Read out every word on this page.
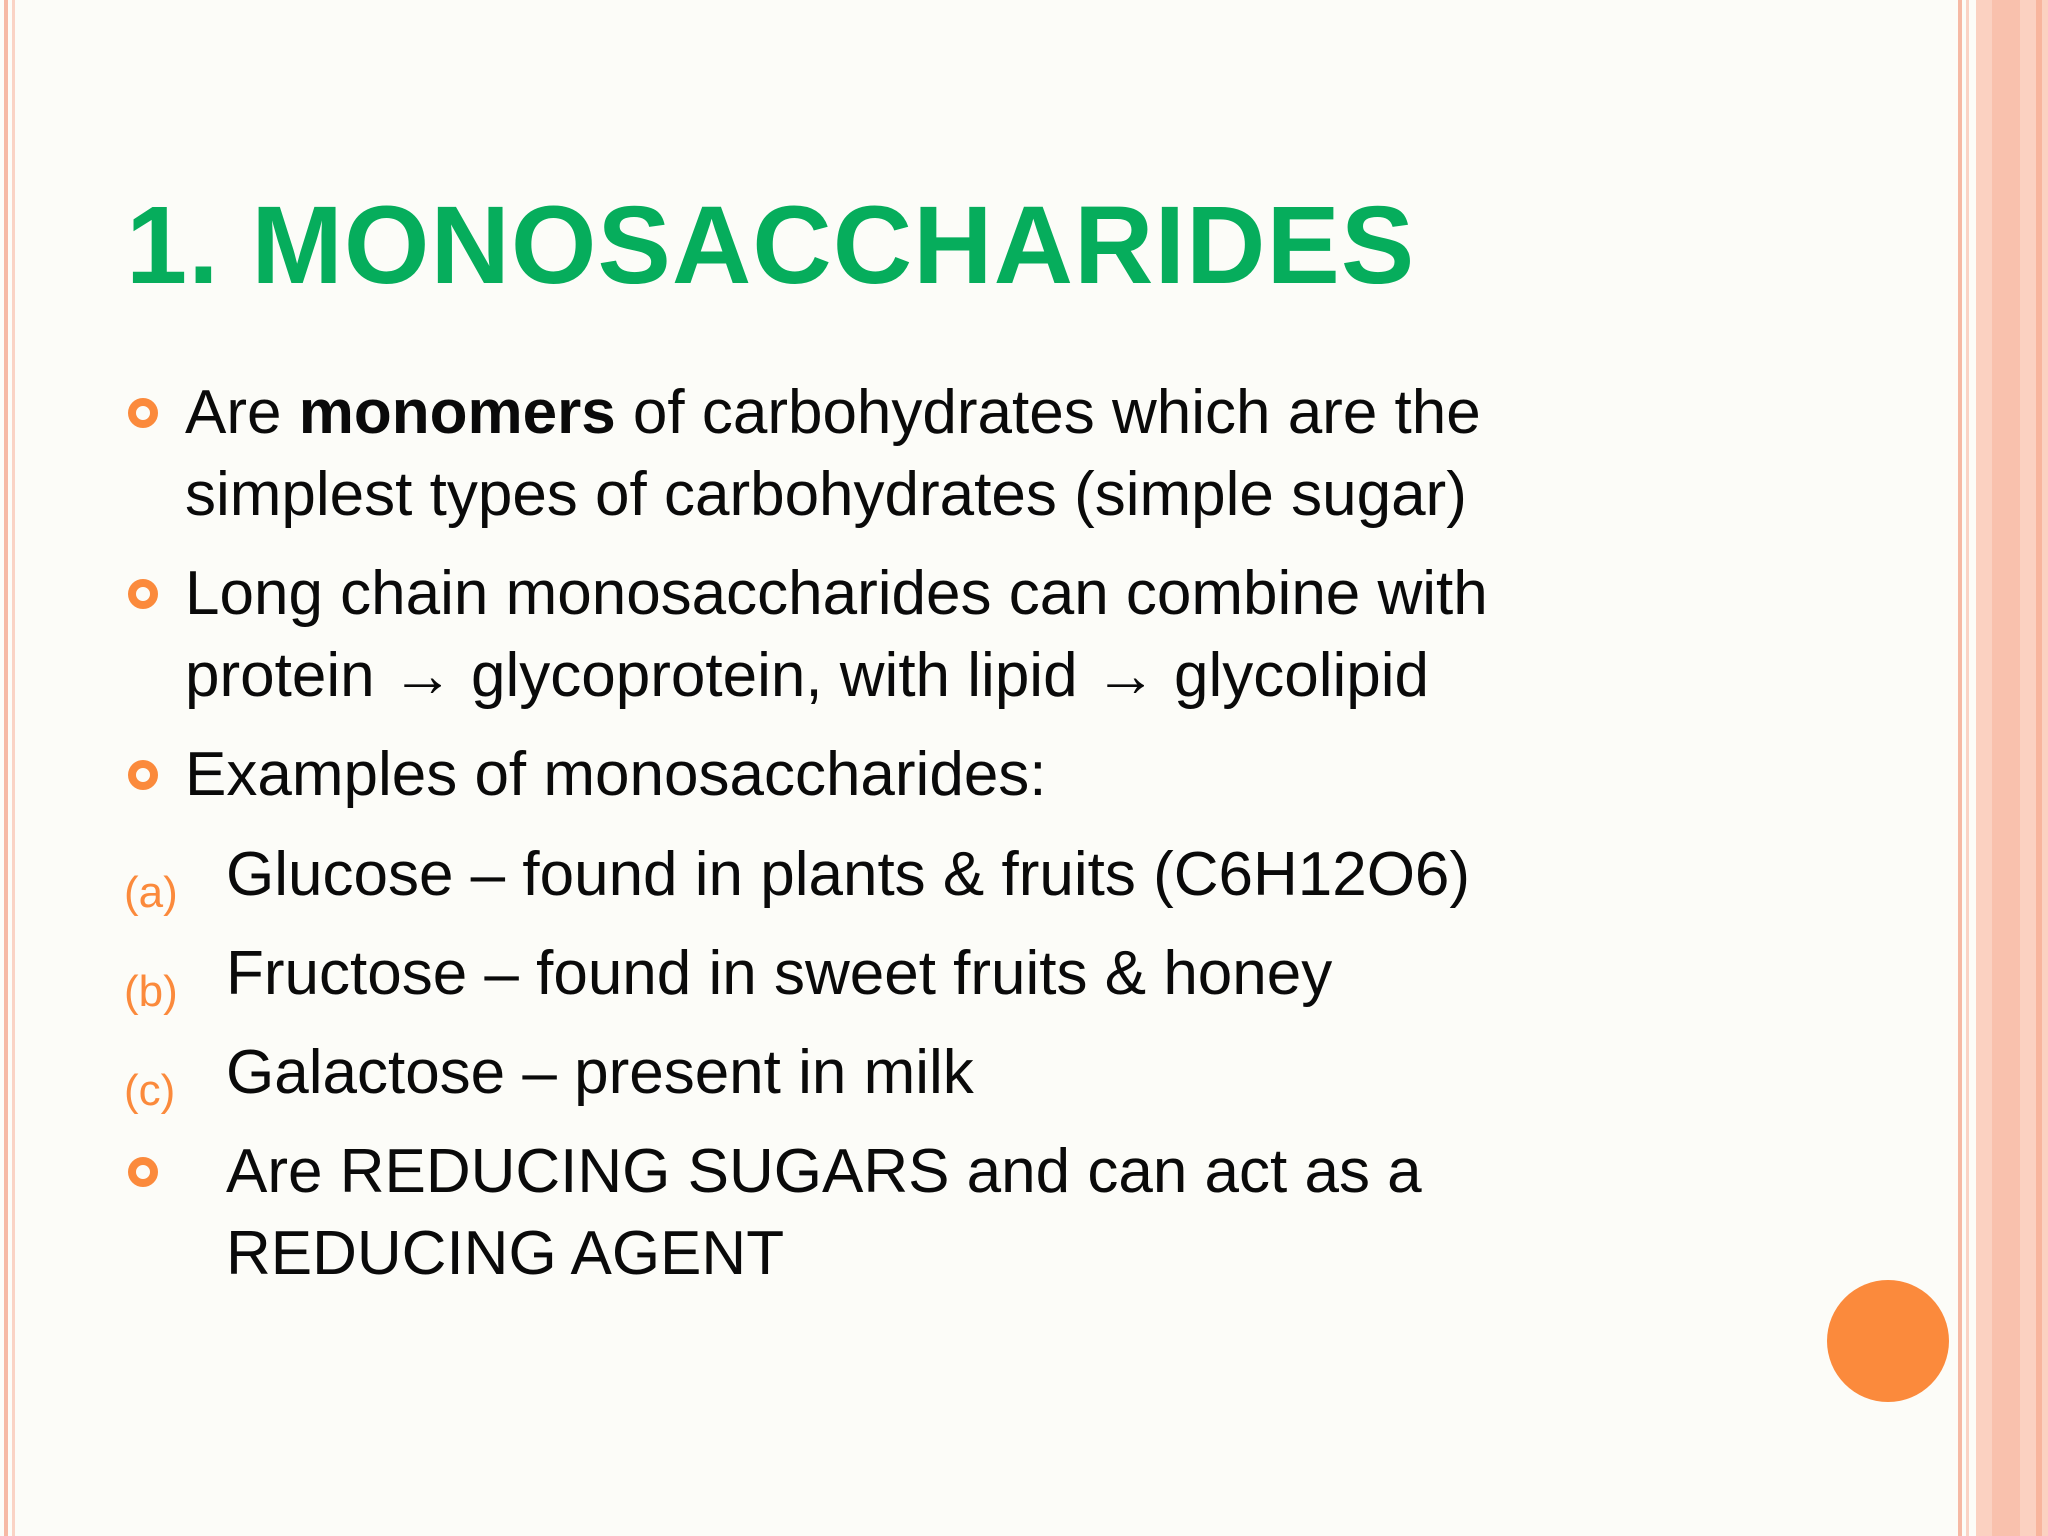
1. MONOSACCHARIDES
Are monomers of carbohydrates which are the
simplest types of carbohydrates (simple sugar)
Long chain monosaccharides can combine with
protein → glycoprotein, with lipid → glycolipid
Examples of monosaccharides:
(a) Glucose – found in plants & fruits (C6H12O6)
(b) Fructose – found in sweet fruits & honey
(c) Galactose – present in milk
Are REDUCING SUGARS and can act as a
REDUCING AGENT
